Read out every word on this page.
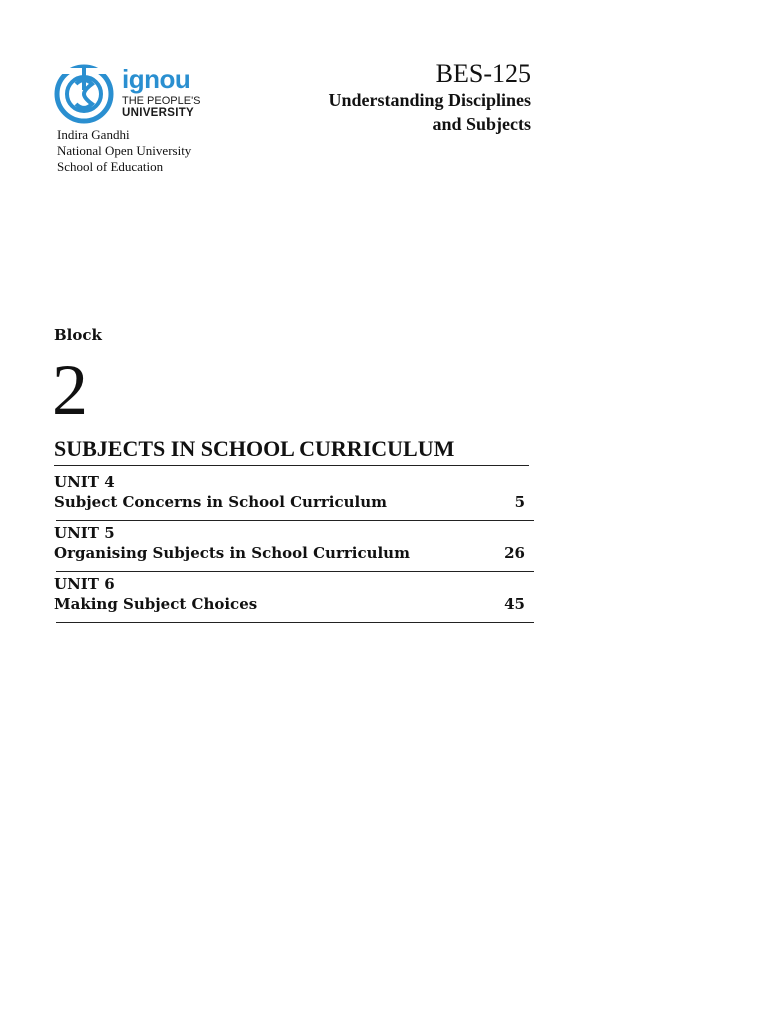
ignou
THE PEOPLE'S
UNIVERSITY
Indira Gandhi
National Open University
School of Education
BES-125
Understanding Disciplines
and Subjects
Block
2
SUBJECTS IN SCHOOL CURRICULUM
UNIT 4
Subject Concerns in School Curriculum	5
UNIT 5
Organising Subjects in School Curriculum	26
UNIT 6
Making Subject Choices	45
